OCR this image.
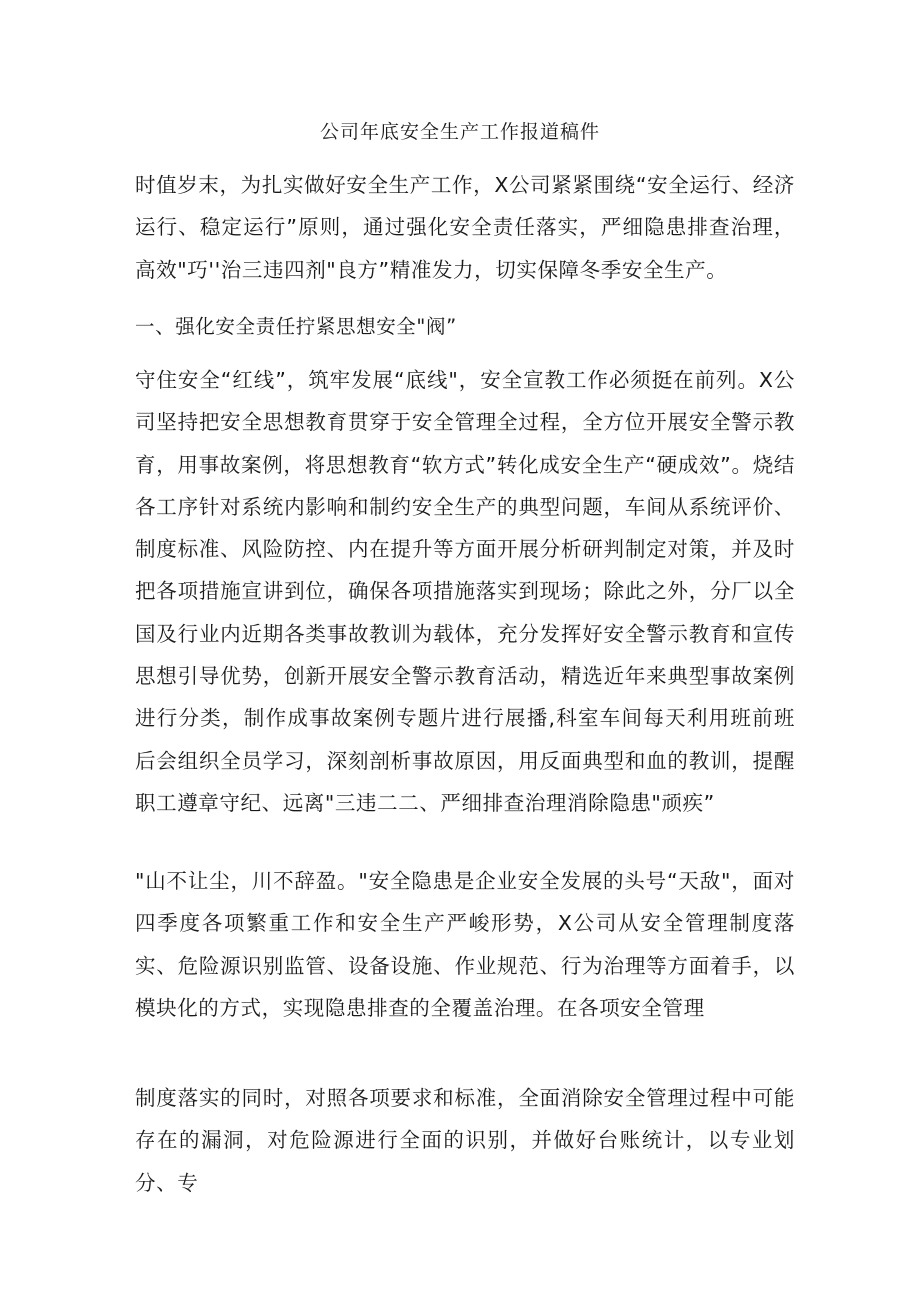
公司年底安全生产工作报道稿件
时值岁末，为扎实做好安全生产工作，X公司紧紧围绕“安全运行、经济运行、稳定运行”原则，通过强化安全责任落实，严细隐患排查治理，高效"巧''治三违四剂"良方”精准发力，切实保障冬季安全生产。
一、强化安全责任拧紧思想安全"阀”
守住安全“红线”，筑牢发展“底线"，安全宣教工作必须挺在前列。X公司坚持把安全思想教育贯穿于安全管理全过程，全方位开展安全警示教育，用事故案例，将思想教育“软方式”转化成安全生产“硬成效”。烧结各工序针对系统内影响和制约安全生产的典型问题，车间从系统评价、制度标准、风险防控、内在提升等方面开展分析研判制定对策，并及时把各项措施宣讲到位，确保各项措施落实到现场；除此之外，分厂以全国及行业内近期各类事故教训为载体，充分发挥好安全警示教育和宣传思想引导优势，创新开展安全警示教育活动，精选近年来典型事故案例进行分类，制作成事故案例专题片进行展播,科室车间每天利用班前班后会组织全员学习，深刻剖析事故原因，用反面典型和血的教训，提醒职工遵章守纪、远离"三违二二、严细排查治理消除隐患"顽疾”
"山不让尘，川不辞盈。"安全隐患是企业安全发展的头号“天敌"，面对四季度各项繁重工作和安全生产严峻形势，X公司从安全管理制度落实、危险源识别监管、设备设施、作业规范、行为治理等方面着手，以模块化的方式，实现隐患排查的全覆盖治理。在各项安全管理
制度落实的同时，对照各项要求和标准，全面消除安全管理过程中可能存在的漏洞，对危险源进行全面的识别，并做好台账统计，以专业划分、专
